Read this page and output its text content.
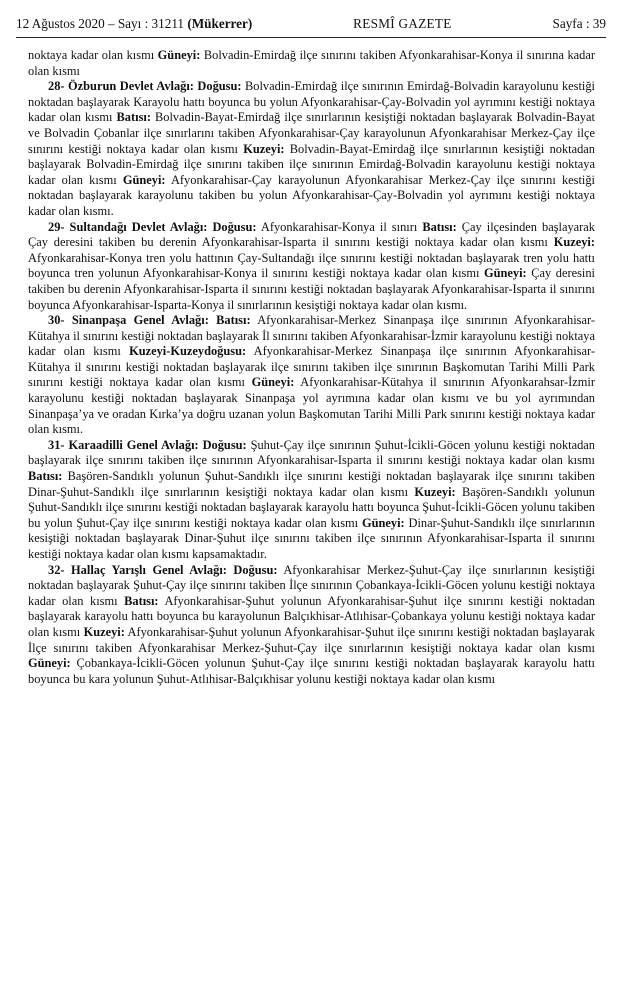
12 Ağustos 2020 – Sayı : 31211 (Mükerrer)	RESMÎ GAZETE	Sayfa : 39

noktaya kadar olan kısmı Güneyi: Bolvadin-Emirdağ ilçe sınırını takiben Afyonkarahisar-Konya il sınırına kadar olan kısmı

28- Özburun Devlet Avlağı: Doğusu: Bolvadin-Emirdağ ilçe sınırının Emirdağ-Bolvadin karayolunu kestiği noktadan başlayarak Karayolu hattı boyunca bu yolun Afyonkarahisar-Çay-Bolvadin yol ayrımını kestiği noktaya kadar olan kısmı Batısı: Bolvadin-Bayat-Emirdağ ilçe sınırlarının kesiştiği noktadan başlayarak Bolvadin-Bayat ve Bolvadin Çobanlar ilçe sınırlarını takiben Afyonkarahisar-Çay karayolunun Afyonkarahisar Merkez-Çay ilçe sınırını kestiği noktaya kadar olan kısmı Kuzeyi: Bolvadin-Bayat-Emirdağ ilçe sınırlarının kesiştiği noktadan başlayarak Bolvadin-Emirdağ ilçe sınırını takiben ilçe sınırının Emirdağ-Bolvadin karayolunu kestiği noktaya kadar olan kısmı Güneyi: Afyonkarahisar-Çay karayolunun Afyonkarahisar Merkez-Çay ilçe sınırını kestiği noktadan başlayarak karayolunu takiben bu yolun Afyonkarahisar-Çay-Bolvadin yol ayrımını kestiği noktaya kadar olan kısmı.

29- Sultandağı Devlet Avlağı: Doğusu: Afyonkarahisar-Konya il sınırı Batısı: Çay ilçesinden başlayarak Çay deresini takiben bu derenin Afyonkarahisar-Isparta il sınırını kestiği noktaya kadar olan kısmı Kuzeyi: Afyonkarahisar-Konya tren yolu hattının Çay-Sultandağı ilçe sınırını kestiği noktadan başlayarak tren yolu hattı boyunca tren yolunun Afyonkarahisar-Konya il sınırını kestiği noktaya kadar olan kısmı Güneyi: Çay deresini takiben bu derenin Afyonkarahisar-Isparta il sınırını kestiği noktadan başlayarak Afyonkarahisar-Isparta il sınırını boyunca Afyonkarahisar-Isparta-Konya il sınırlarının kesiştiği noktaya kadar olan kısmı.

30- Sinanpaşa Genel Avlağı: Batısı: Afyonkarahisar-Merkez Sinanpaşa ilçe sınırının Afyonkarahisar-Kütahya il sınırını kestiği noktadan başlayarak İl sınırını takiben Afyonkarahisar-İzmir karayolunu kestiği noktaya kadar olan kısmı Kuzeyi-Kuzeydoğusu: Afyonkarahisar-Merkez Sinanpaşa ilçe sınırının Afyonkarahisar-Kütahya il sınırını kestiği noktadan başlayarak ilçe sınırını takiben ilçe sınırının Başkomutan Tarihi Milli Park sınırını kestiği noktaya kadar olan kısmı Güneyi: Afyonkarahisar-Kütahya il sınırının Afyonkarahsar-İzmir karayolunu kestiği noktadan başlayarak Sinanpaşa yol ayrımına kadar olan kısmı ve bu yol ayrımından Sinanpaşa’ya ve oradan Kırka’ya doğru uzanan yolun Başkomutan Tarihi Milli Park sınırını kestiği noktaya kadar olan kısmı.

31- Karaadilli Genel Avlağı: Doğusu: Şuhut-Çay ilçe sınırının Şuhut-İcikli-Göcen yolunu kestiği noktadan başlayarak ilçe sınırını takiben ilçe sınırının Afyonkarahisar-Isparta il sınırını kestiği noktaya kadar olan kısmı Batısı: Başören-Sandıklı yolunun Şuhut-Sandıklı ilçe sınırını kestiği noktadan başlayarak ilçe sınırını takiben Dinar-Şuhut-Sandıklı ilçe sınırlarının kesiştiği noktaya kadar olan kısmı Kuzeyi: Başören-Sandıklı yolunun Şuhut-Sandıklı ilçe sınırını kestiği noktadan başlayarak karayolu hattı boyunca Şuhut-İcikli-Göcen yolunu takiben bu yolun Şuhut-Çay ilçe sınırını kestiği noktaya kadar olan kısmı Güneyi: Dinar-Şuhut-Sandıklı ilçe sınırlarının kesiştiği noktadan başlayarak Dinar-Şuhut ilçe sınırını takiben ilçe sınırının Afyonkarahisar-Isparta il sınırını kestiği noktaya kadar olan kısmı kapsamaktadır.

32- Hallaç Yarışlı Genel Avlağı: Doğusu: Afyonkarahisar Merkez-Şuhut-Çay ilçe sınırlarının kesiştiği noktadan başlayarak Şuhut-Çay ilçe sınırını takiben İlçe sınırının Çobankaya-İcikli-Göcen yolunu kestiği noktaya kadar olan kısmı Batısı: Afyonkarahisar-Şuhut yolunun Afyonkarahisar-Şuhut ilçe sınırını kestiği noktadan başlayarak karayolu hattı boyunca bu karayolunun Balçıkhisar-Atlıhisar-Çobankaya yolunu kestiği noktaya kadar olan kısmı Kuzeyi: Afyonkarahisar-Şuhut yolunun Afyonkarahisar-Şuhut ilçe sınırını kestiği noktadan başlayarak İlçe sınırını takiben Afyonkarahisar Merkez-Şuhut-Çay ilçe sınırlarının kesiştiği noktaya kadar olan kısmı Güneyi: Çobankaya-İcikli-Göcen yolunun Şuhut-Çay ilçe sınırını kestiği noktadan başlayarak karayolu hattı boyunca bu kara yolunun Şuhut-Atlıhisar-Balçıkhisar yolunu kestiği noktaya kadar olan kısmı
